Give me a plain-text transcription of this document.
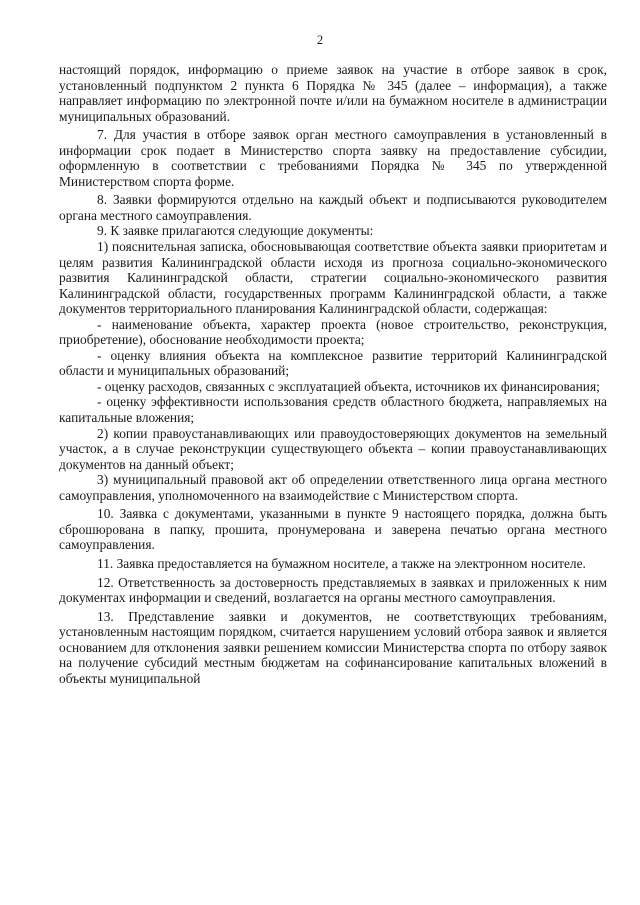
2

настоящий порядок, информацию о приеме заявок на участие в отборе заявок в срок, установленный подпунктом 2 пункта 6 Порядка № 345 (далее – информация), а также направляет информацию по электронной почте и/или на бумажном носителе в администрации муниципальных образований.

7. Для участия в отборе заявок орган местного самоуправления в установленный в информации срок подает в Министерство спорта заявку на предоставление субсидии, оформленную в соответствии с требованиями Порядка № 345 по утвержденной Министерством спорта форме.

8. Заявки формируются отдельно на каждый объект и подписываются руководителем органа местного самоуправления.

9. К заявке прилагаются следующие документы:

1) пояснительная записка, обосновывающая соответствие объекта заявки приоритетам и целям развития Калининградской области исходя из прогноза социально-экономического развития Калининградской области, стратегии социально-экономического развития Калининградской области, государственных программ Калининградской области, а также документов территориального планирования Калининградской области, содержащая:

- наименование объекта, характер проекта (новое строительство, реконструкция, приобретение), обоснование необходимости проекта;

- оценку влияния объекта на комплексное развитие территорий Калининградской области и муниципальных образований;

- оценку расходов, связанных с эксплуатацией объекта, источников их финансирования;

- оценку эффективности использования средств областного бюджета, направляемых на капитальные вложения;

2) копии правоустанавливающих или правоудостоверяющих документов на земельный участок, а в случае реконструкции существующего объекта – копии правоустанавливающих документов на данный объект;

3) муниципальный правовой акт об определении ответственного лица органа местного самоуправления, уполномоченного на взаимодействие с Министерством спорта.

10. Заявка с документами, указанными в пункте 9 настоящего порядка, должна быть сброшюрована в папку, прошита, пронумерована и заверена печатью органа местного самоуправления.

11. Заявка предоставляется на бумажном носителе, а также на электронном носителе.

12. Ответственность за достоверность представляемых в заявках и приложенных к ним документах информации и сведений, возлагается на органы местного самоуправления.

13. Представление заявки и документов, не соответствующих требованиям, установленным настоящим порядком, считается нарушением условий отбора заявок и является основанием для отклонения заявки решением комиссии Министерства спорта по отбору заявок на получение субсидий местным бюджетам на софинансирование капитальных вложений в объекты муниципальной
